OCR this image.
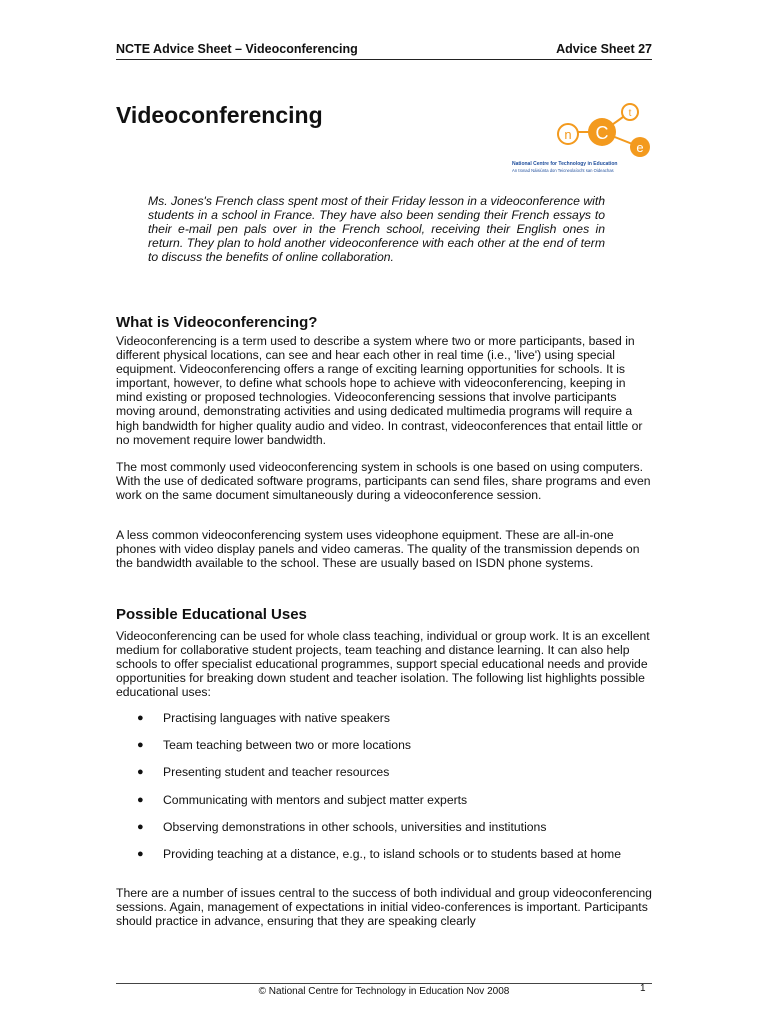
NCTE Advice Sheet – Videoconferencing	Advice Sheet 27
Videoconferencing
n C
t
e
National Centre for Technology in Education
An tIonad Náisiúnta don Teicneolaíocht san Oideachas

Ms. Jones's French class spent most of their Friday lesson in a videoconference with students in a school in France. They have also been sending their French essays to their e-mail pen pals over in the French school, receiving their English ones in return. They plan to hold another videoconference with each other at the end of term to discuss the benefits of online collaboration.

What is Videoconferencing?

Videoconferencing is a term used to describe a system where two or more participants, based in different physical locations, can see and hear each other in real time (i.e., 'live') using special equipment. Videoconferencing offers a range of exciting learning opportunities for schools. It is important, however, to define what schools hope to achieve with videoconferencing, keeping in mind existing or proposed technologies. Videoconferencing sessions that involve participants moving around, demonstrating activities and using dedicated multimedia programs will require a high bandwidth for higher quality audio and video. In contrast, videoconferences that entail little or no movement require lower bandwidth.

The most commonly used videoconferencing system in schools is one based on using computers. With the use of dedicated software programs, participants can send files, share programs and even work on the same document simultaneously during a videoconference session.

A less common videoconferencing system uses videophone equipment. These are all-in-one phones with video display panels and video cameras. The quality of the transmission depends on the bandwidth available to the school. These are usually based on ISDN phone systems.

Possible Educational Uses

Videoconferencing can be used for whole class teaching, individual or group work. It is an excellent medium for collaborative student projects, team teaching and distance learning. It can also help schools to offer specialist educational programmes, support special educational needs and provide opportunities for breaking down student and teacher isolation. The following list highlights possible educational uses:

● Practising languages with native speakers
● Team teaching between two or more locations
● Presenting student and teacher resources
● Communicating with mentors and subject matter experts
● Observing demonstrations in other schools, universities and institutions
● Providing teaching at a distance, e.g., to island schools or to students based at home

There are a number of issues central to the success of both individual and group videoconferencing sessions. Again, management of expectations in initial video-conferences is important. Participants should practice in advance, ensuring that they are speaking clearly

© National Centre for Technology in Education Nov 2008	1
